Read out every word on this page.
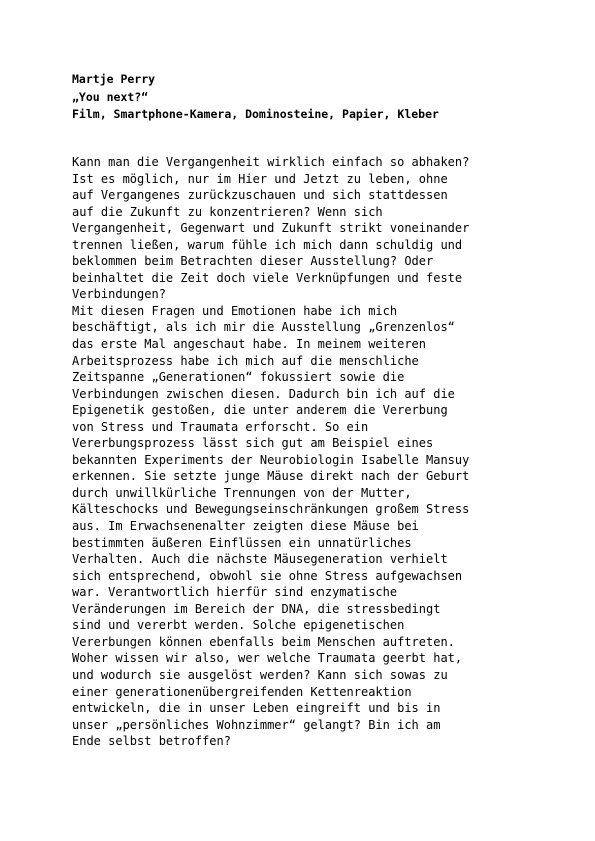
Martje Perry
„You next?“
Film, Smartphone-Kamera, Dominosteine, Papier, Kleber
Kann man die Vergangenheit wirklich einfach so abhaken?
Ist es möglich, nur im Hier und Jetzt zu leben, ohne
auf Vergangenes zurückzuschauen und sich stattdessen
auf die Zukunft zu konzentrieren? Wenn sich
Vergangenheit, Gegenwart und Zukunft strikt voneinander
trennen ließen, warum fühle ich mich dann schuldig und
beklommen beim Betrachten dieser Ausstellung? Oder
beinhaltet die Zeit doch viele Verknüpfungen und feste
Verbindungen?
Mit diesen Fragen und Emotionen habe ich mich
beschäftigt, als ich mir die Ausstellung „Grenzenlos“
das erste Mal angeschaut habe. In meinem weiteren
Arbeitsprozess habe ich mich auf die menschliche
Zeitspanne „Generationen“ fokussiert sowie die
Verbindungen zwischen diesen. Dadurch bin ich auf die
Epigenetik gestoßen, die unter anderem die Vererbung
von Stress und Traumata erforscht. So ein
Vererbungsprozess lässt sich gut am Beispiel eines
bekannten Experiments der Neurobiologin Isabelle Mansuy
erkennen. Sie setzte junge Mäuse direkt nach der Geburt
durch unwillkürliche Trennungen von der Mutter,
Kälteschocks und Bewegungseinschränkungen großem Stress
aus. Im Erwachsenenalter zeigten diese Mäuse bei
bestimmten äußeren Einflüssen ein unnatürliches
Verhalten. Auch die nächste Mäusegeneration verhielt
sich entsprechend, obwohl sie ohne Stress aufgewachsen
war. Verantwortlich hierfür sind enzymatische
Veränderungen im Bereich der DNA, die stressbedingt
sind und vererbt werden. Solche epigenetischen
Vererbungen können ebenfalls beim Menschen auftreten.
Woher wissen wir also, wer welche Traumata geerbt hat,
und wodurch sie ausgelöst werden? Kann sich sowas zu
einer generationenübergreifenden Kettenreaktion
entwickeln, die in unser Leben eingreift und bis in
unser „persönliches Wohnzimmer“ gelangt? Bin ich am
Ende selbst betroffen?
